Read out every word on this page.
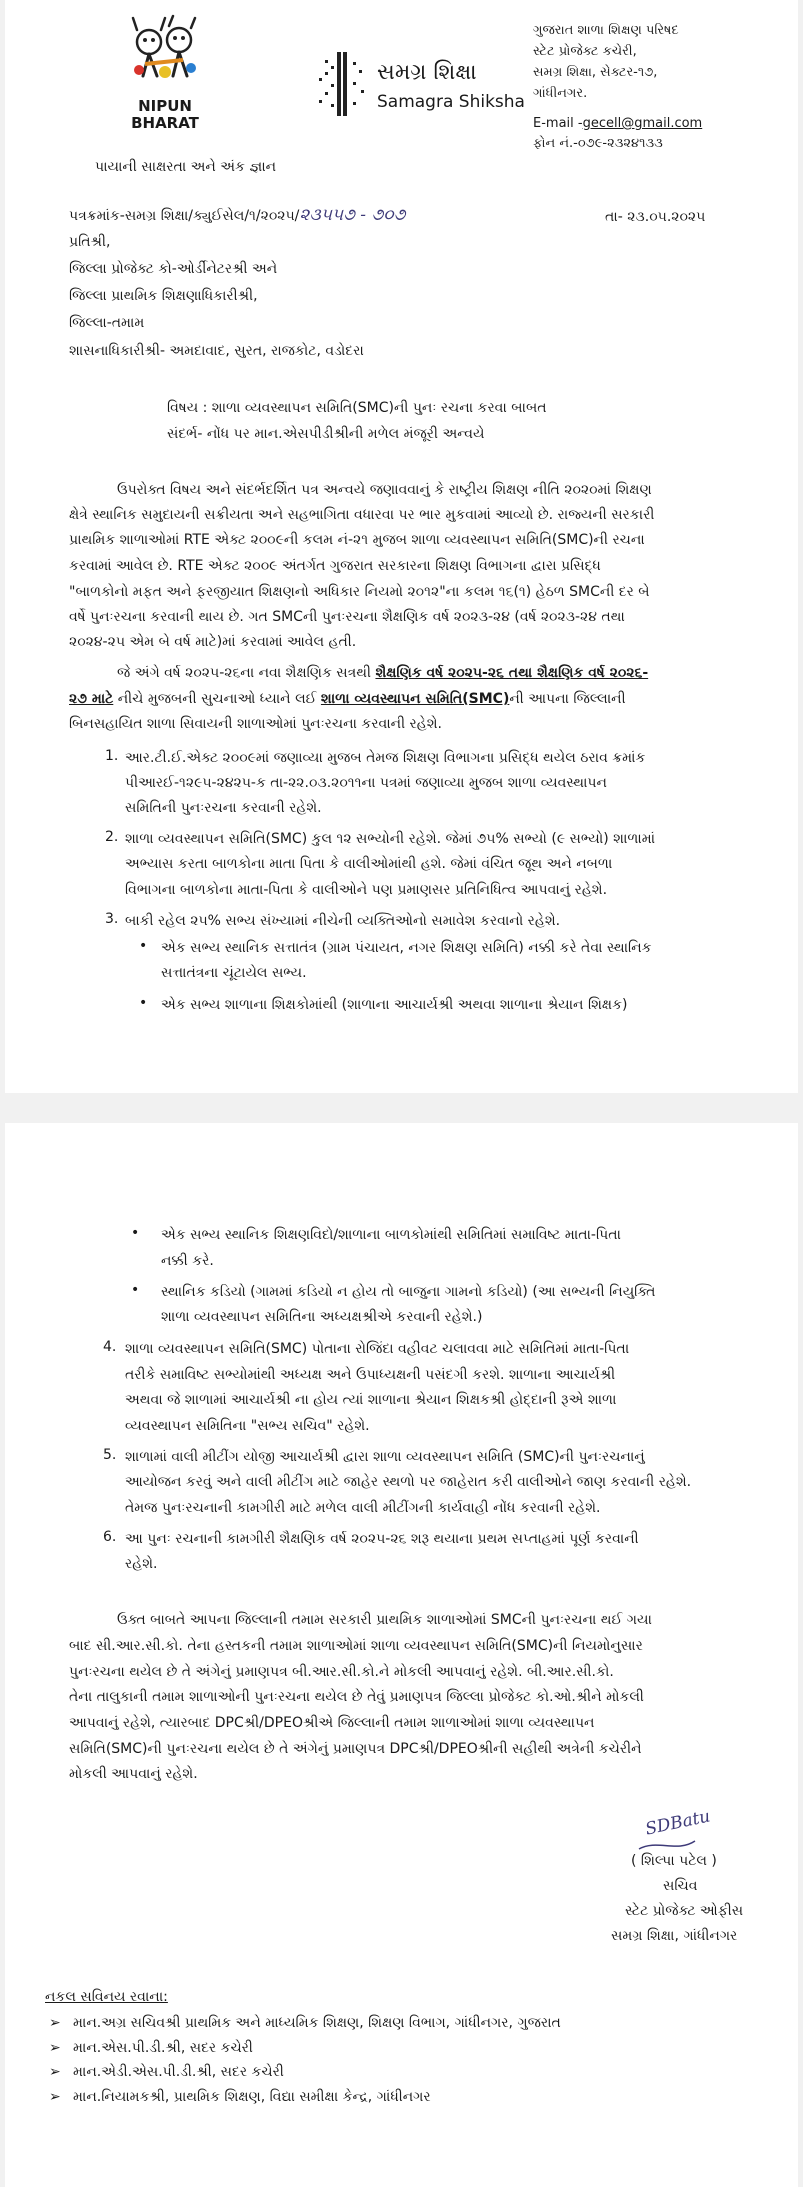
NIPUN BHARAT
પાયાની સાક્ષરતા અને અંક જ્ઞાન
સમગ્ર શિક્ષા
Samagra Shiksha
ગુજરાત શાળા શિક્ષણ પરિષદ
સ્ટેટ પ્રોજેક્ટ કચેરી,
સમગ્ર શિક્ષા, સેક્ટર-૧૭,
ગાંધીનગર.
E-mail -gecell@gmail.com
ફોન નં.-૦૭૯-૨૩૨૪૧૩૩
પત્રક્રમાંક-સમગ્ર શિક્ષા/ક્યુઈસેલ/૧/૨૦૨૫/૨૩૫૫૭ - ૭૦૭	તા- ૨૩.૦૫.૨૦૨૫
પ્રતિશ્રી,
જિલ્લા પ્રોજેક્ટ કો-ઓર્ડીનેટરશ્રી અને
જિલ્લા પ્રાથમિક શિક્ષણાધિકારીશ્રી,
જિલ્લા-તમામ
શાસનાધિકારીશ્રી- અમદાવાદ, સુરત, રાજકોટ, વડોદરા
વિષય : શાળા વ્યવસ્થાપન સમિતિ(SMC)ની પુનઃ રચના કરવા બાબત
સંદર્ભ- નોંધ પર માન.એસપીડીશ્રીની મળેલ મંજૂરી અન્વયે
ઉપરોક્ત વિષય અને સંદર્ભદર્શિત પત્ર અન્વયે જણાવવાનું કે રાષ્ટ્રીય શિક્ષણ નીતિ ૨૦૨૦માં શિક્ષણ
ક્ષેત્રે સ્થાનિક સમુદાયની સક્રીયતા અને સહભાગિતા વધારવા પર ભાર મુકવામાં આવ્યો છે. રાજ્યની સરકારી
પ્રાથમિક શાળાઓમાં RTE એક્ટ ૨૦૦૯ની કલમ નં-૨૧ મુજબ શાળા વ્યવસ્થાપન સમિતિ(SMC)ની રચના
કરવામાં આવેલ છે. RTE એક્ટ ૨૦૦૯ અંતર્ગત ગુજરાત સરકારના શિક્ષણ વિભાગના દ્વારા પ્રસિદ્ધ
"બાળકોનો મફત અને ફરજીયાત શિક્ષણનો અધિકાર નિયમો ૨૦૧૨"ના કલમ ૧૬(૧) હેઠળ SMCની દર બે
વર્ષે પુનઃરચના કરવાની થાય છે. ગત SMCની પુનઃરચના શૈક્ષણિક વર્ષ ૨૦૨૩-૨૪ (વર્ષ ૨૦૨૩-૨૪ તથા
૨૦૨૪-૨૫ એમ બે વર્ષ માટે)માં કરવામાં આવેલ હતી.
જે અંગે વર્ષ ૨૦૨૫-૨૬ના નવા શૈક્ષણિક સત્રથી શૈક્ષણિક વર્ષ ૨૦૨૫-૨૬ તથા શૈક્ષણિક વર્ષ ૨૦૨૬-
૨૭ માટે નીચે મુજબની સુચનાઓ ધ્યાને લઈ શાળા વ્યવસ્થાપન સમિતિ(SMC)ની આપના જિલ્લાની
બિનસહાયિત શાળા સિવાયની શાળાઓમાં પુનઃરચના કરવાની રહેશે.
1. આર.ટી.ઈ.એક્ટ ૨૦૦૯માં જણાવ્યા મુજબ તેમજ શિક્ષણ વિભાગના પ્રસિદ્ધ થયેલ ઠરાવ ક્રમાંક
પીઆરઈ-૧૨૯૫-૨૪૨૫-ક તા-૨૨.૦૩.૨૦૧૧ના પત્રમાં જણાવ્યા મુજબ શાળા વ્યવસ્થાપન
સમિતિની પુનઃરચના કરવાની રહેશે.
2. શાળા વ્યવસ્થાપન સમિતિ(SMC) કુલ ૧૨ સભ્યોની રહેશે. જેમાં ૭૫% સભ્યો (૯ સભ્યો) શાળામાં
અભ્યાસ કરતા બાળકોના માતા પિતા કે વાલીઓમાંથી હશે. જેમાં વંચિત જૂથ અને નબળા
વિભાગના બાળકોના માતા-પિતા કે વાલીઓને પણ પ્રમાણસર પ્રતિનિધિત્વ આપવાનું રહેશે.
3. બાકી રહેલ ૨૫% સભ્ય સંખ્યામાં નીચેની વ્યક્તિઓનો સમાવેશ કરવાનો રહેશે.
• એક સભ્ય સ્થાનિક સત્તાતંત્ર (ગ્રામ પંચાયત, નગર શિક્ષણ સમિતિ) નક્કી કરે તેવા સ્થાનિક
સત્તાતંત્રના ચૂંટાયેલ સભ્ય.
• એક સભ્ય શાળાના શિક્ષકોમાંથી (શાળાના આચાર્યશ્રી અથવા શાળાના શ્રેયાન શિક્ષક)
• એક સભ્ય સ્થાનિક શિક્ષણવિદો/શાળાના બાળકોમાંથી સમિતિમાં સમાવિષ્ટ માતા-પિતા
નક્કી કરે.
• સ્થાનિક કડિયો (ગામમાં કડિયો ન હોય તો બાજુના ગામનો કડિયો) (આ સભ્યની નિયુક્તિ
શાળા વ્યવસ્થાપન સમિતિના અધ્યક્ષશ્રીએ કરવાની રહેશે.)
4. શાળા વ્યવસ્થાપન સમિતિ(SMC) પોતાના રોજિંદા વહીવટ ચલાવવા માટે સમિતિમાં માતા-પિતા
તરીકે સમાવિષ્ટ સભ્યોમાંથી અધ્યક્ષ અને ઉપાધ્યક્ષની પસંદગી કરશે. શાળાના આચાર્યશ્રી
અથવા જે શાળામાં આચાર્યશ્રી ના હોય ત્યાં શાળાના શ્રેયાન શિક્ષકશ્રી હોદ્દાની રૂએ શાળા
વ્યવસ્થાપન સમિતિના "સભ્ય સચિવ" રહેશે.
5. શાળામાં વાલી મીટીંગ યોજી આચાર્યશ્રી દ્વારા શાળા વ્યવસ્થાપન સમિતિ (SMC)ની પુનઃરચનાનું
આયોજન કરવું અને વાલી મીટીંગ માટે જાહેર સ્થળો પર જાહેરાત કરી વાલીઓને જાણ કરવાની રહેશે.
તેમજ પુનઃરચનાની કામગીરી માટે મળેલ વાલી મીટીંગની કાર્યવાહી નોંધ કરવાની રહેશે.
6. આ પુનઃ રચનાની કામગીરી શૈક્ષણિક વર્ષ ૨૦૨૫-૨૬ શરૂ થયાના પ્રથમ સપ્તાહમાં પૂર્ણ કરવાની
રહેશે.
ઉક્ત બાબતે આપના જિલ્લાની તમામ સરકારી પ્રાથમિક શાળાઓમાં SMCની પુનઃરચના થઈ ગયા
બાદ સી.આર.સી.કો. તેના હસ્તકની તમામ શાળાઓમાં શાળા વ્યવસ્થાપન સમિતિ(SMC)ની નિયમોનુસાર
પુનઃરચના થયેલ છે તે અંગેનું પ્રમાણપત્ર બી.આર.સી.કો.ને મોકલી આપવાનું રહેશે. બી.આર.સી.કો.
તેના તાલુકાની તમામ શાળાઓની પુનઃરચના થયેલ છે તેવું પ્રમાણપત્ર જિલ્લા પ્રોજેક્ટ કો.ઓ.શ્રીને મોકલી
આપવાનું રહેશે, ત્યારબાદ DPCશ્રી/DPEOશ્રીએ જિલ્લાની તમામ શાળાઓમાં શાળા વ્યવસ્થાપન
સમિતિ(SMC)ની પુનઃરચના થયેલ છે તે અંગેનું પ્રમાણપત્ર DPCશ્રી/DPEOશ્રીની સહીથી અત્રેની કચેરીને
મોકલી આપવાનું રહેશે.
SDBatu
( શિલ્પા પટેલ )
સચિવ
સ્ટેટ પ્રોજેક્ટ ઓફીસ
સમગ્ર શિક્ષા, ગાંધીનગર
નકલ સવિનય રવાના:
➢ માન.અગ્ર સચિવશ્રી પ્રાથમિક અને માધ્યમિક શિક્ષણ, શિક્ષણ વિભાગ, ગાંધીનગર, ગુજરાત
➢ માન.એસ.પી.ડી.શ્રી, સદર કચેરી
➢ માન.એડી.એસ.પી.ડી.શ્રી, સદર કચેરી
➢ માન.નિયામકશ્રી, પ્રાથમિક શિક્ષણ, વિદ્યા સમીક્ષા કેન્દ્ર, ગાંધીનગર
